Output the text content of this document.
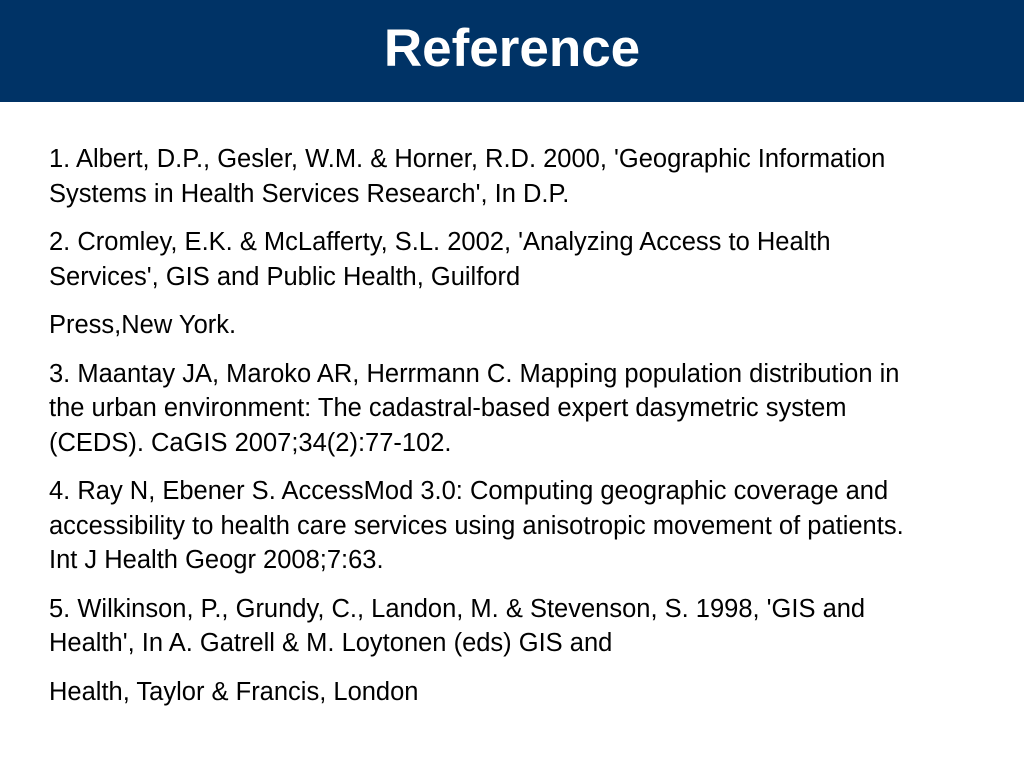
Reference

1. Albert, D.P., Gesler, W.M. & Horner, R.D. 2000, 'Geographic Information
Systems in Health Services Research', In D.P.

2. Cromley, E.K. & McLafferty, S.L. 2002, 'Analyzing Access to Health
Services', GIS and Public Health, Guilford

Press,New York.

3. Maantay JA, Maroko AR, Herrmann C. Mapping population distribution in
the urban environment: The cadastral-based expert dasymetric system
(CEDS). CaGIS 2007;34(2):77-102.

4. Ray N, Ebener S. AccessMod 3.0: Computing geographic coverage and
accessibility to health care services using anisotropic movement of patients.
Int J Health Geogr 2008;7:63.

5. Wilkinson, P., Grundy, C., Landon, M. & Stevenson, S. 1998, 'GIS and
Health', In A. Gatrell & M. Loytonen (eds) GIS and

Health, Taylor & Francis, London
